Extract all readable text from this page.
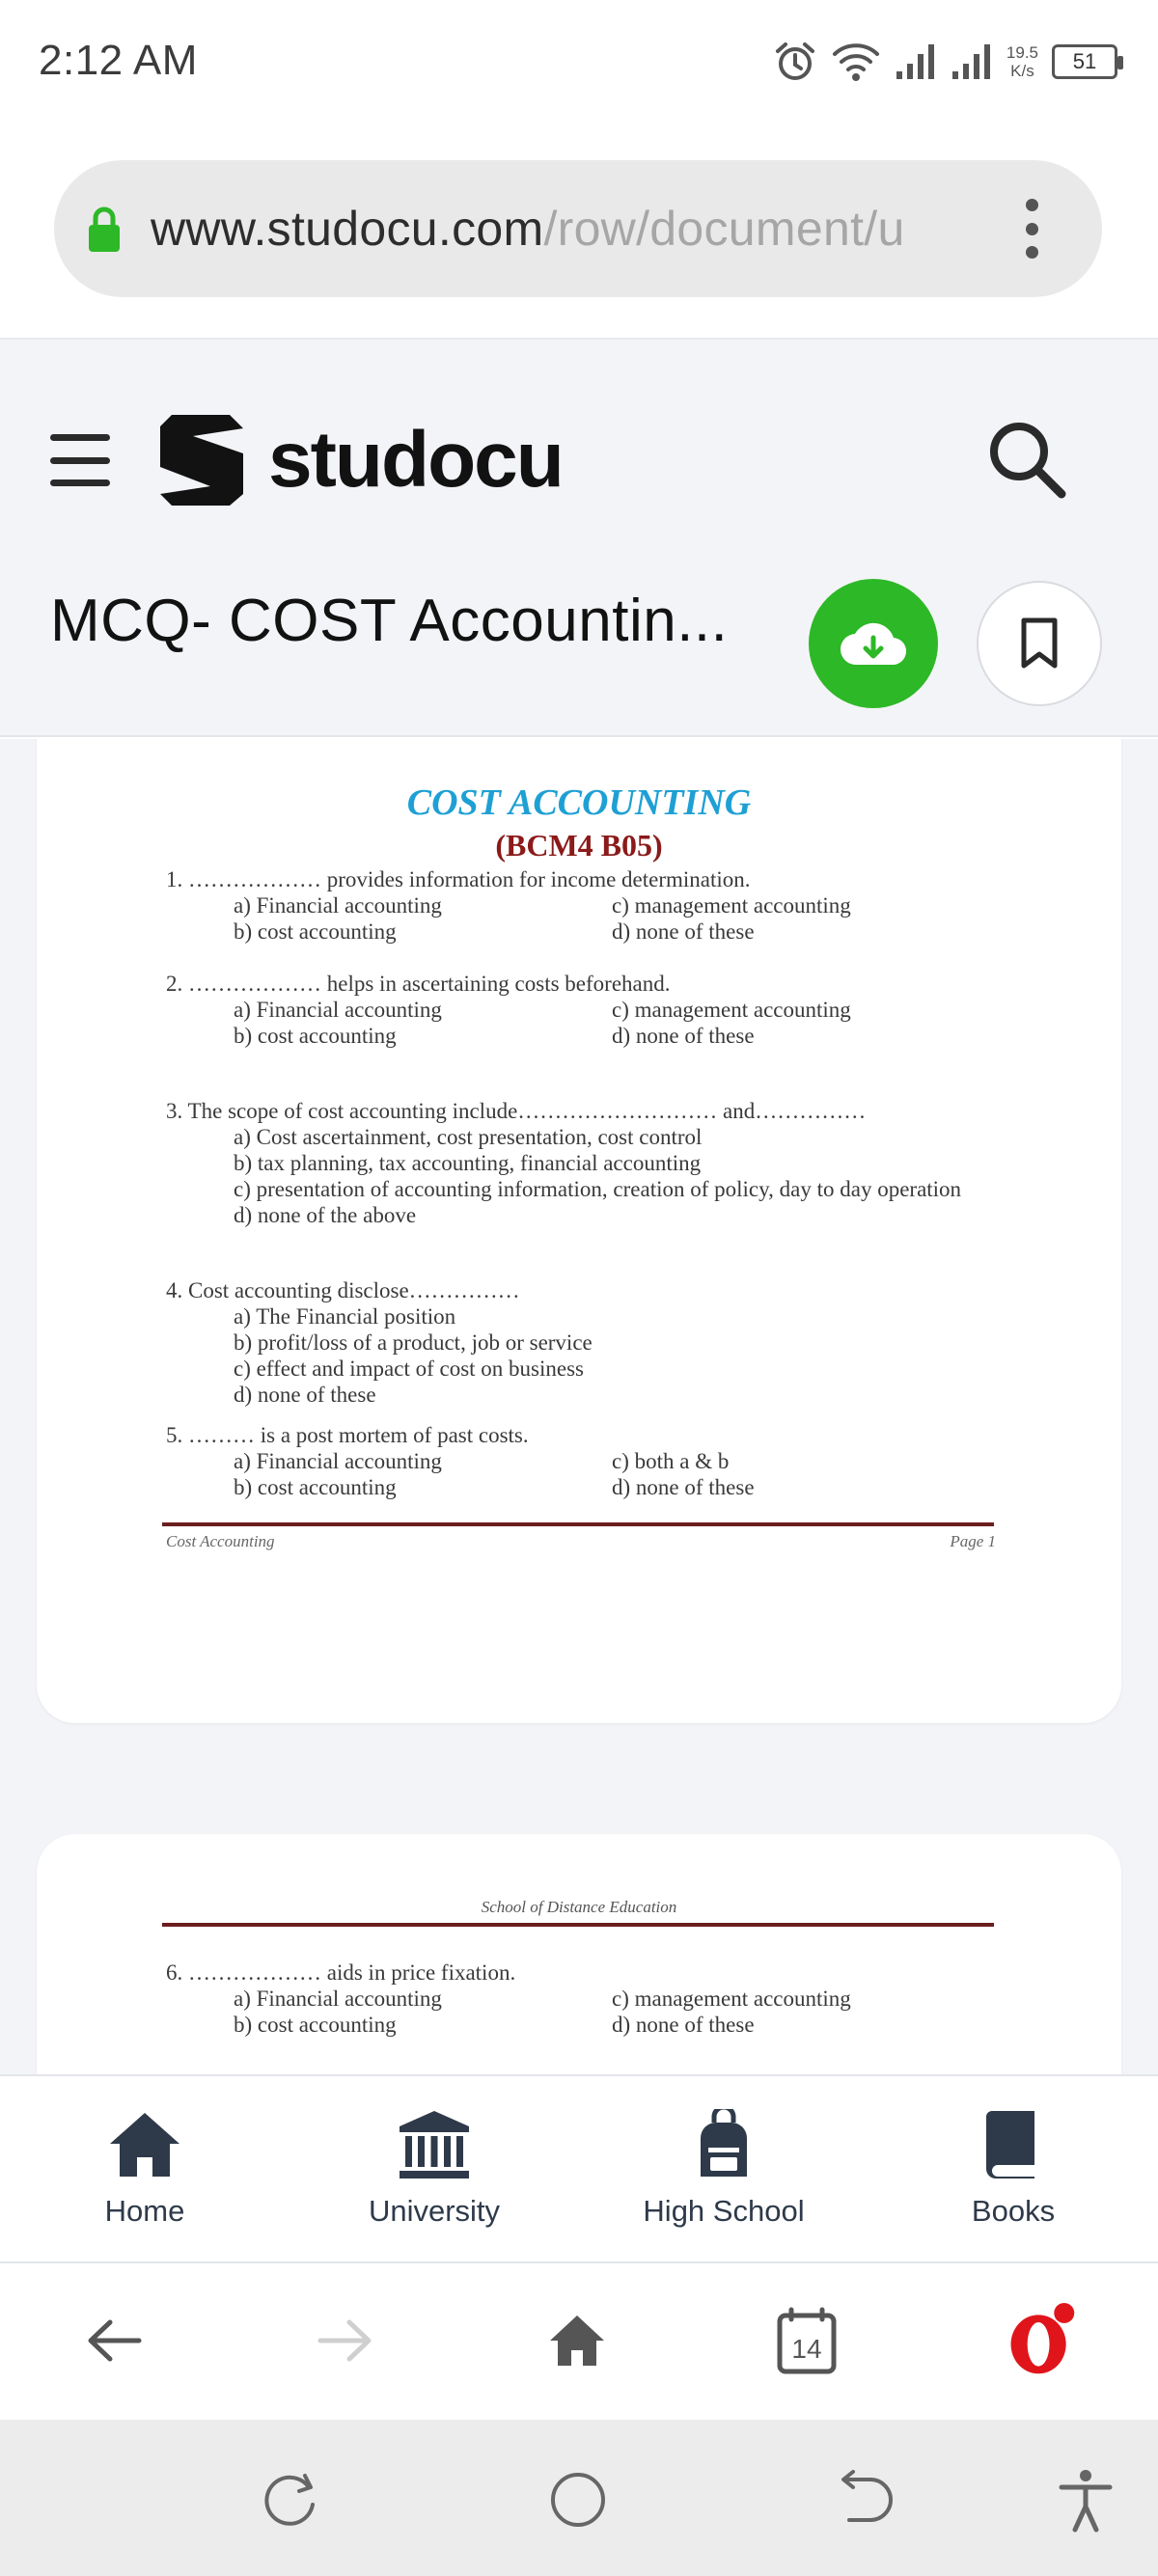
2:12 AM	19.5
K/s 51
www.studocu.com/row/document/u
studocu
MCQ- COST Accountin...
COST ACCOUNTING
(BCM4 B05)
1. ……………… provides information for income determination.
a) Financial accounting	c) management accounting
b) cost accounting	d) none of these
2. ……………… helps in ascertaining costs beforehand.
a) Financial accounting	c) management accounting
b) cost accounting	d) none of these
3. The scope of cost accounting include……………………… and……………
a) Cost ascertainment, cost presentation, cost control
b) tax planning, tax accounting, financial accounting
c) presentation of accounting information, creation of policy, day to day operation
d) none of the above
4. Cost accounting disclose……………
a) The Financial position
b) profit/loss of a product, job or service
c) effect and impact of cost on business
d) none of these
5. ……… is a post mortem of past costs.
a) Financial accounting	c) both a & b
b) cost accounting	d) none of these
Cost Accounting	Page 1
School of Distance Education
6. ……………… aids in price fixation.
a) Financial accounting	c) management accounting
b) cost accounting	d) none of these
Home	University	High School	Books
14
